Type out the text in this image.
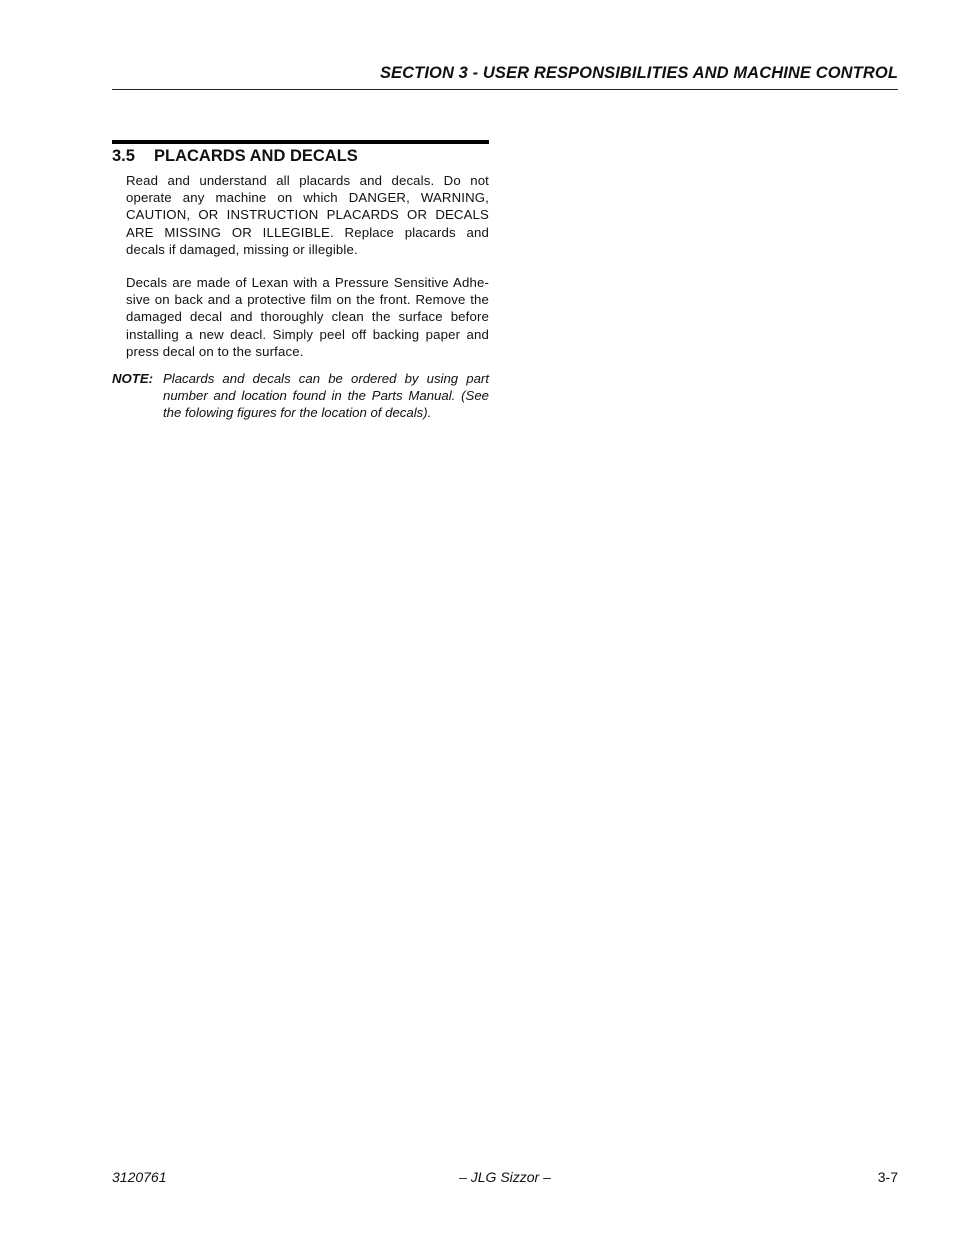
SECTION 3 - USER RESPONSIBILITIES AND MACHINE CONTROL
3.5	PLACARDS AND DECALS

Read and understand all placards and decals. Do not operate any machine on which DANGER, WARNING, CAUTION, OR INSTRUCTION PLACARDS OR DECALS ARE MISSING OR ILLEGIBLE. Replace placards and decals if damaged, missing or illegible.

Decals are made of Lexan with a Pressure Sensitive Adhe-sive on back and a protective film on the front. Remove the damaged decal and thoroughly clean the surface before installing a new deacl. Simply peel off backing paper and press decal on to the surface.

NOTE: Placards and decals can be ordered by using part number and location found in the Parts Manual. (See the folowing figures for the location of decals).
3120761	– JLG Sizzor –	3-7
